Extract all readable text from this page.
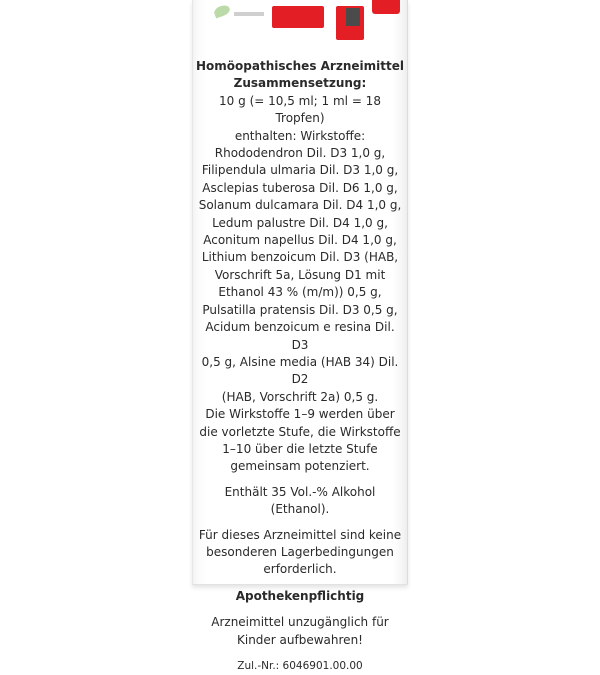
Homöopathisches Arzneimittel

Zusammensetzung:

10 g (= 10,5 ml; 1 ml = 18 Tropfen)

enthalten: Wirkstoffe:

Rhododendron Dil. D3 1,0 g,

Filipendula ulmaria Dil. D3 1,0 g,

Asclepias tuberosa Dil. D6 1,0 g,

Solanum dulcamara Dil. D4 1,0 g,

Ledum palustre Dil. D4 1,0 g,

Aconitum napellus Dil. D4 1,0 g,

Lithium benzoicum Dil. D3 (HAB,

Vorschrift 5a, Lösung D1 mit

Ethanol 43 % (m/m)) 0,5 g,

Pulsatilla pratensis Dil. D3 0,5 g,

Acidum benzoicum e resina Dil. D3

0,5 g, Alsine media (HAB 34) Dil. D2

(HAB, Vorschrift 2a) 0,5 g.

Die Wirkstoffe 1–9 werden über

die vorletzte Stufe, die Wirkstoffe

1–10 über die letzte Stufe

gemeinsam potenziert.

Enthält 35 Vol.-% Alkohol (Ethanol).

Für dieses Arzneimittel sind keine

besonderen Lagerbedingungen

erforderlich.

Apothekenpflichtig

Arzneimittel unzugänglich für

Kinder aufbewahren!

Zul.-Nr.: 6046901.00.00
